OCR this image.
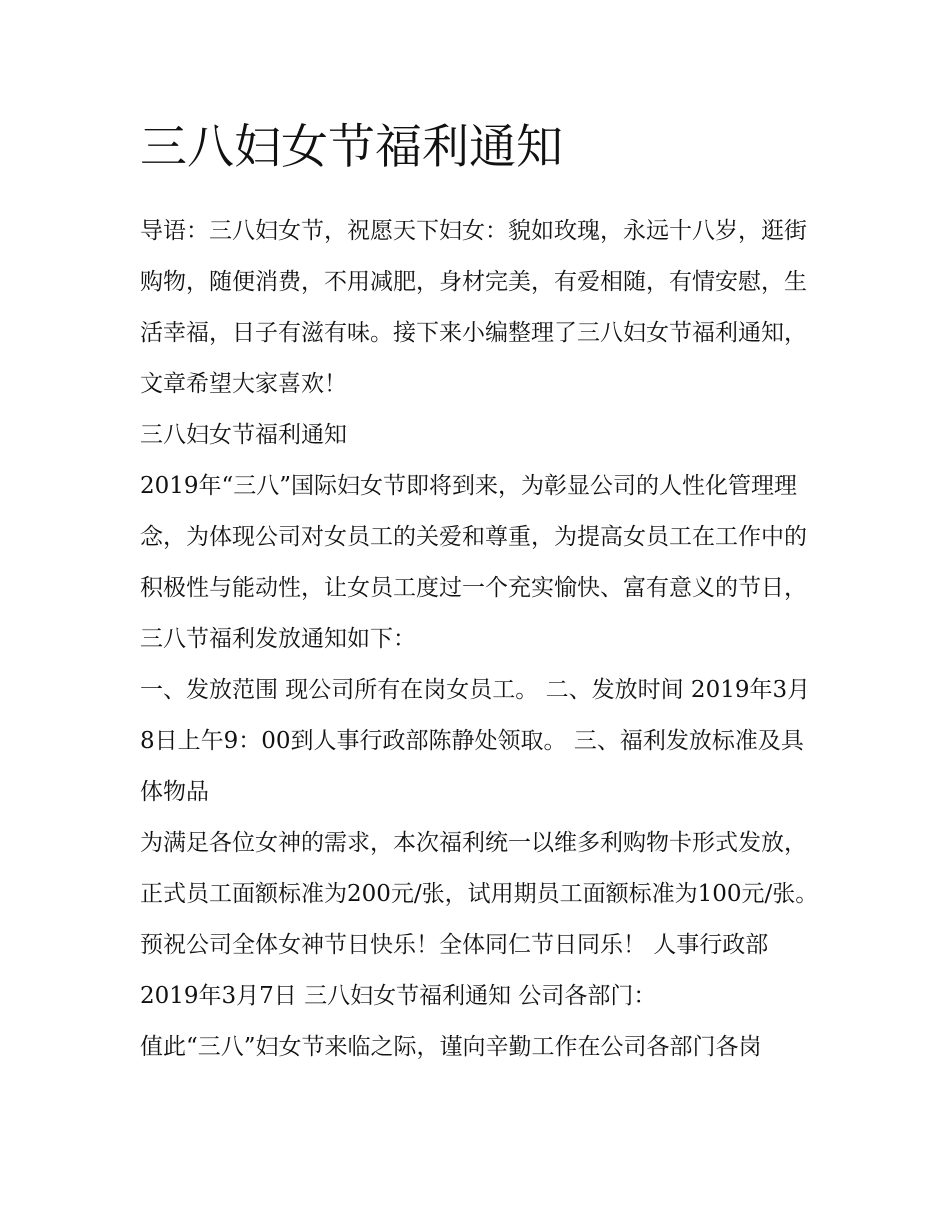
三八妇女节福利通知

导语：三八妇女节，祝愿天下妇女：貌如玫瑰，永远十八岁，逛街购物，随便消费，不用减肥，身材完美，有爱相随，有情安慰，生活幸福，日子有滋有味。接下来小编整理了三八妇女节福利通知，文章希望大家喜欢！

三八妇女节福利通知

2019年“三八”国际妇女节即将到来，为彰显公司的人性化管理理念，为体现公司对女员工的关爱和尊重，为提高女员工在工作中的积极性与能动性，让女员工度过一个充实愉快、富有意义的节日，三八节福利发放通知如下：

一、发放范围 现公司所有在岗女员工。 二、发放时间 2019年3月8日上午9：00到人事行政部陈静处领取。 三、福利发放标准及具体物品

为满足各位女神的需求，本次福利统一以维多利购物卡形式发放，正式员工面额标准为200元/张，试用期员工面额标准为100元/张。

预祝公司全体女神节日快乐！全体同仁节日同乐！ 人事行政部 2019年3月7日 三八妇女节福利通知 公司各部门：

值此“三八”妇女节来临之际，谨向辛勤工作在公司各部门各岗
